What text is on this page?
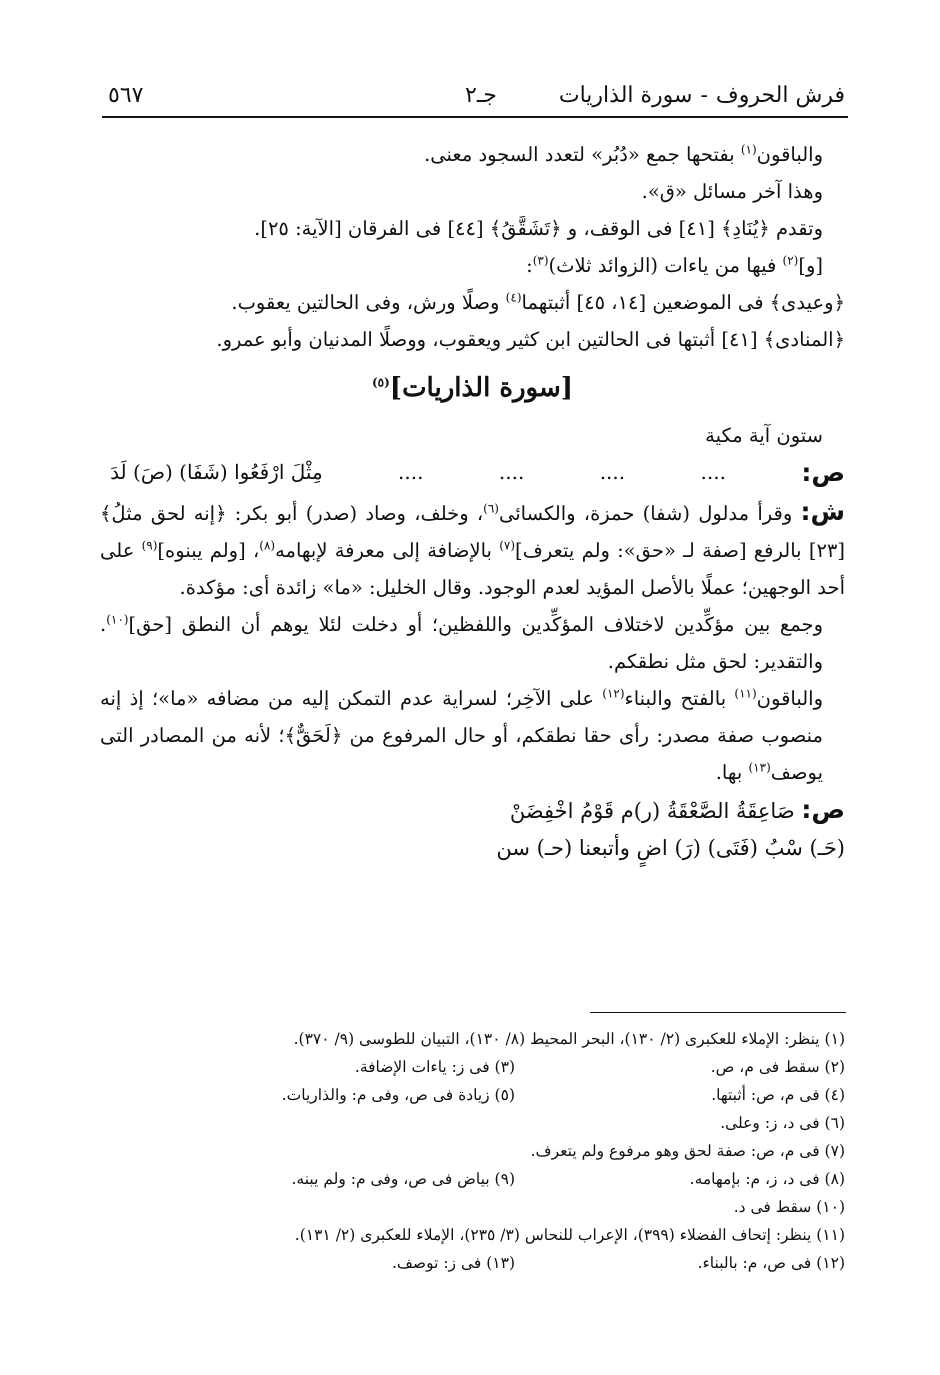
فرش الحروف-سورة الذاريات
جـ٢
٥٦٧

والباقون$^{(١)}$ بفتحها جمع «دُبُر» لتعدد السجود معنى.

وهذا آخر مسائل «ق».

وتقدم ﴿يُنَادِ﴾ [٤١] فى الوقف، و ﴿تَشَقَّقُ﴾ [٤٤] فى الفرقان [الآية: ٢٥].

[و]$^{(٢)}$ فيها من ياءات (الزوائد ثلاث)$^{(٣)}$:

﴿وعيدى﴾ فى الموضعين [١٤، ٤٥] أثبتهما$^{(٤)}$ وصلًا ورش، وفى الحالتين يعقوب.

﴿المنادى﴾ [٤١] أثبتها فى الحالتين ابن كثير ويعقوب، ووصلًا المدنيان وأبو عمرو.

[سورة الذاريات]$^{(٥)}$

ستون آية مكية

ص:
....
....
....
....
مِثْلَ ارْفَعُوا (شَفَا) (صَ) لَدَ

ش: وقرأ مدلول (شفا) حمزة، والكسائى$^{(٦)}$، وخلف، وصاد (صدر) أبو بكر: ﴿إنه لحق مثلُ﴾ [٢٣] بالرفع [صفة لـ «حق»: ولم يتعرف]$^{(٧)}$ بالإضافة إلى معرفة لإبهامه$^{(٨)}$، [ولم يبنوه]$^{(٩)}$ على أحد الوجهين؛ عملًا بالأصل المؤيد لعدم الوجود. وقال الخليل: «ما» زائدة أى: مؤكدة.

وجمع بين مؤكِّدين لاختلاف المؤكِّدين واللفظين؛ أو دخلت لئلا يوهم أن النطق [حق]$^{(١٠)}$. والتقدير: لحق مثل نطقكم.

والباقون$^{(١١)}$ بالفتح والبناء$^{(١٢)}$ على الآخِر؛ لسراية عدم التمكن إليه من مضافه «ما»؛ إذ إنه منصوب صفة مصدر: رأى حقا نطقكم، أو حال المرفوع من ﴿لَحَقٌّ﴾؛ لأنه من المصادر التى يوصف$^{(١٣)}$ بها.

ص: صَاعِقَةُ الصَّعْقَةُ (ر)م قَوْمُ اخْفِضَنْ

(حَـ) سْبُ (فَتَى) (رَ) اضٍ وأتبعنا (حـ) سن

(١) ينظر: الإملاء للعكبرى (٢/ ١٣٠)، البحر المحيط (٨/ ١٣٠)، التبيان للطوسى (٩/ ٣٧٠).
(٢) سقط فى م، ص.
(٣) فى ز: ياءات الإضافة.
(٤) فى م، ص: أثبتها.
(٥) زيادة فى ص، وفى م: والذاريات.
(٦) فى د، ز: وعلى.
(٧) فى م، ص: صفة لحق وهو مرفوع ولم يتعرف.
(٨) فى د، ز، م: بإمهامه.
(٩) بياض فى ص، وفى م: ولم يبنه.
(١٠) سقط فى د.
(١١) ينظر: إتحاف الفضلاء (٣٩٩)، الإعراب للنحاس (٣/ ٢٣٥)، الإملاء للعكبرى (٢/ ١٣١).
(١٢) فى ص، م: بالبناء.
(١٣) فى ز: توصف.
